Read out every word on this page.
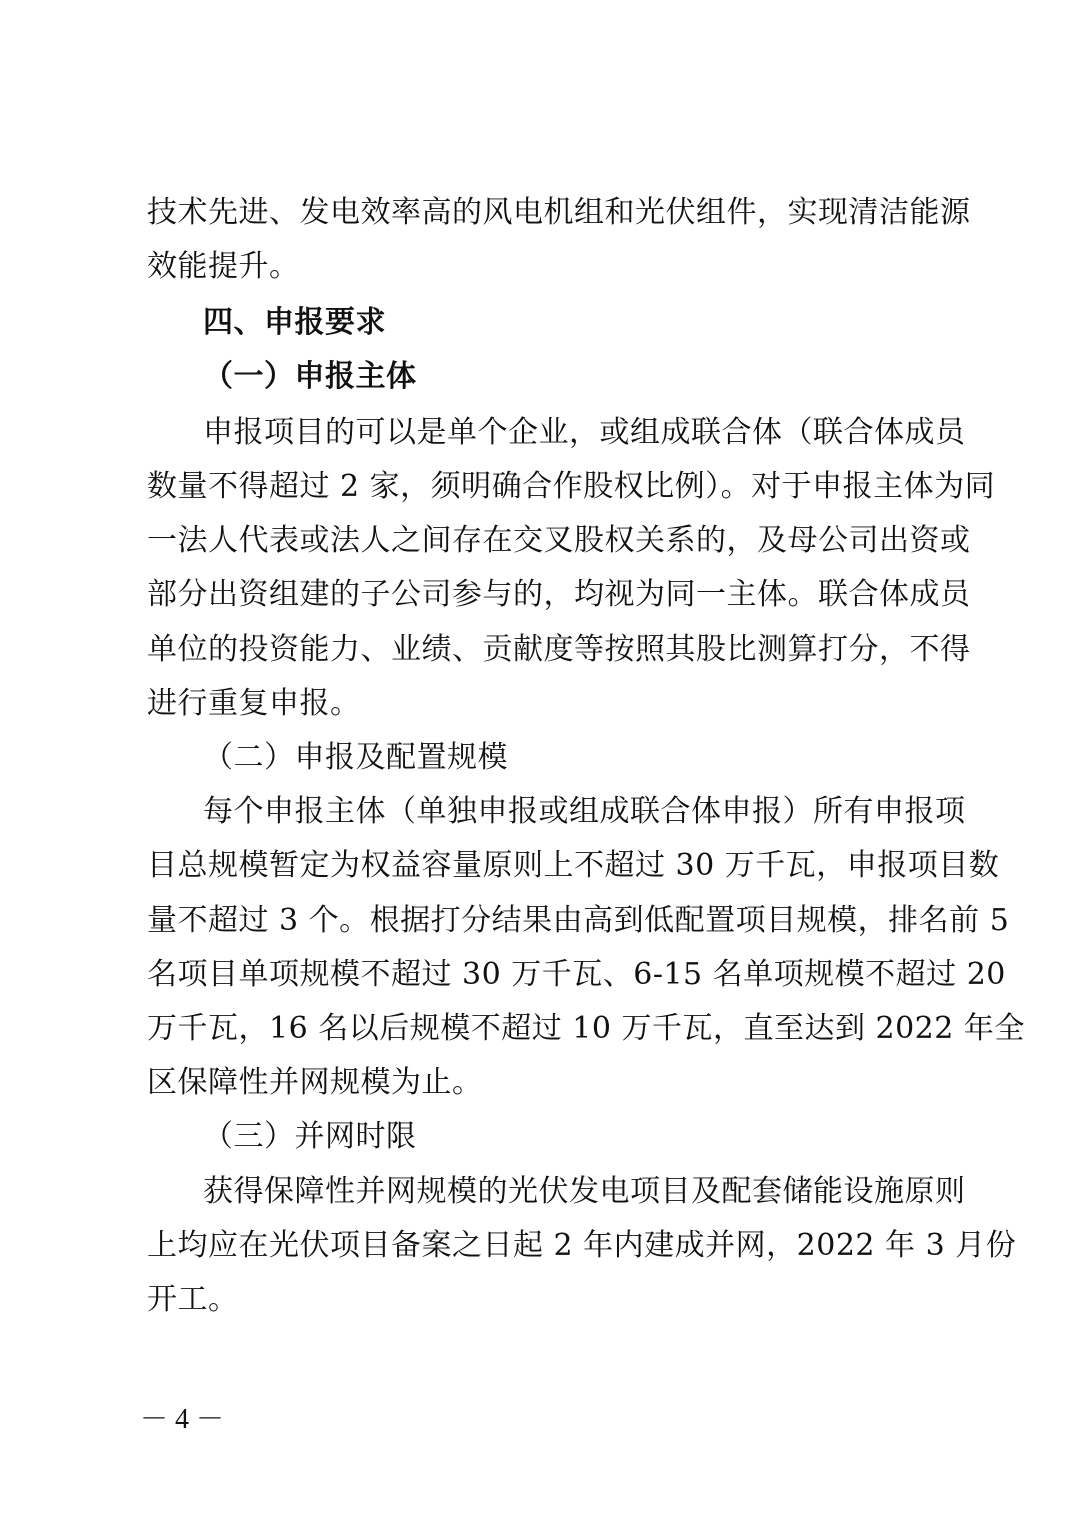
技术先进、发电效率高的风电机组和光伏组件，实现清洁能源
效能提升。
四、申报要求
（一）申报主体
申报项目的可以是单个企业，或组成联合体（联合体成员
数量不得超过 2 家，须明确合作股权比例）。对于申报主体为同
一法人代表或法人之间存在交叉股权关系的，及母公司出资或
部分出资组建的子公司参与的，均视为同一主体。联合体成员
单位的投资能力、业绩、贡献度等按照其股比测算打分，不得
进行重复申报。
（二）申报及配置规模
每个申报主体（单独申报或组成联合体申报）所有申报项
目总规模暂定为权益容量原则上不超过 30 万千瓦，申报项目数
量不超过 3 个。根据打分结果由高到低配置项目规模，排名前 5
名项目单项规模不超过 30 万千瓦、6-15 名单项规模不超过 20
万千瓦，16 名以后规模不超过 10 万千瓦，直至达到 2022 年全
区保障性并网规模为止。
（三）并网时限
获得保障性并网规模的光伏发电项目及配套储能设施原则
上均应在光伏项目备案之日起 2 年内建成并网，2022 年 3 月份
开工。
－ 4 －
